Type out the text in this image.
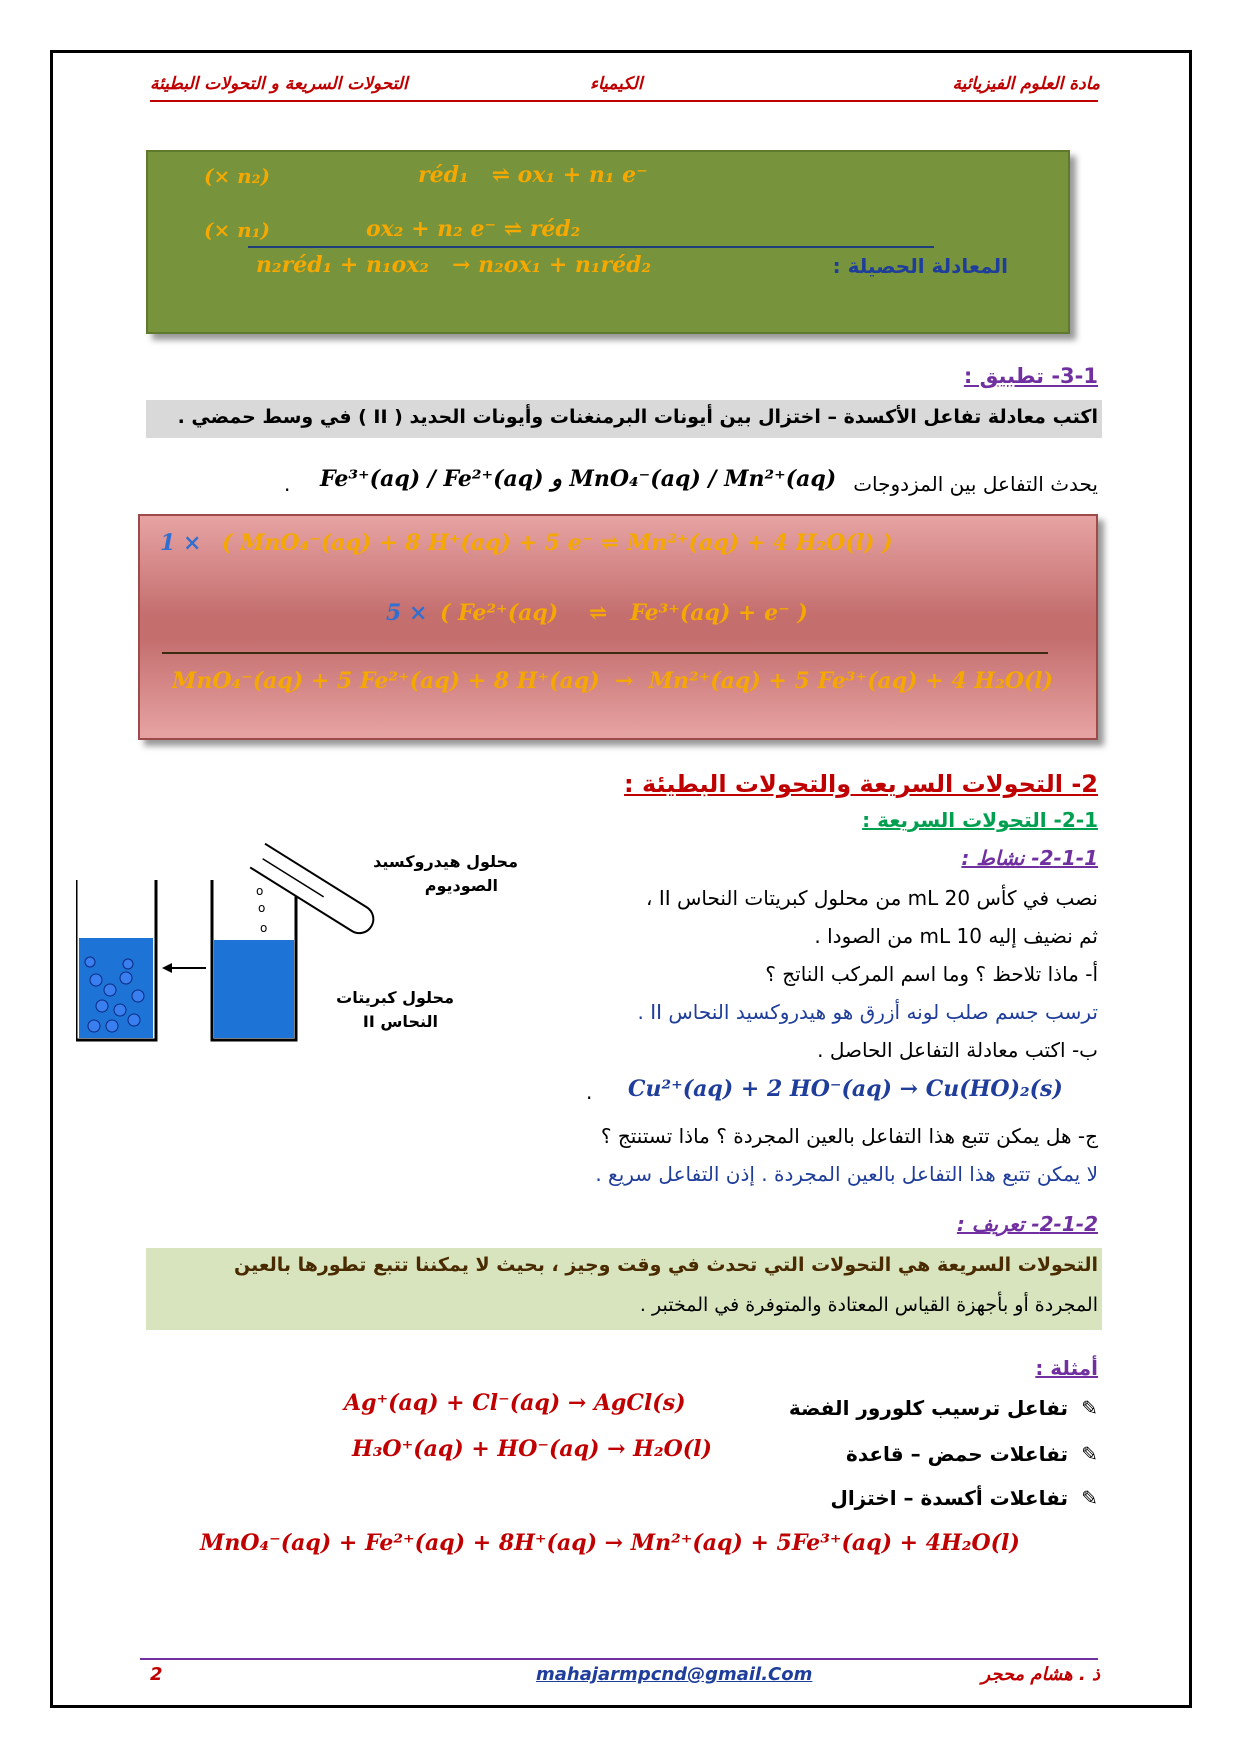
مادة العلوم الفيزيائية
الكيمياء
التحولات السريعة و التحولات البطيئة
(× n₂)	réd₁   ⇌ ox₁ + n₁ e⁻
(× n₁)	ox₂ + n₂ e⁻ ⇌ réd₂
n₂réd₁ + n₁ox₂   → n₂ox₁ + n₁réd₂	المعادلة الحصيلة :
3-1- تطبيق :
اكتب معادلة تفاعل الأكسدة – اختزال بين أيونات البرمنغنات وأيونات الحديد ( II ) في وسط حمضي .
يحدث التفاعل بين المزدوجات
Fe³⁺(aq) / Fe²⁺(aq) و MnO₄⁻(aq) / Mn²⁺(aq)
.
1 × ( MnO₄⁻(aq) + 8 H⁺(aq) + 5 e⁻ ⇌ Mn²⁺(aq) + 4 H₂O(l) )
5 × ( Fe²⁺(aq)    ⇌   Fe³⁺(aq) + e⁻ )
MnO₄⁻(aq) + 5 Fe²⁺(aq) + 8 H⁺(aq)  →  Mn²⁺(aq) + 5 Fe³⁺(aq) + 4 H₂O(l)
2- التحولات السريعة والتحولات البطيئة :
2-1- التحولات السريعة :
2-1-1- نشاط :
نصب في كأس 20 mL من محلول كبريتات النحاس II ،
ثم نضيف إليه 10 mL من الصودا .
أ- ماذا تلاحظ ؟ وما اسم المركب الناتج ؟
ترسب جسم صلب لونه أزرق هو هيدروكسيد النحاس II .
ب- اكتب معادلة التفاعل الحاصل .
Cu²⁺(aq) + 2 HO⁻(aq) → Cu(HO)₂(s)
.
ج- هل يمكن تتبع هذا التفاعل بالعين المجردة ؟ ماذا تستنتج ؟
لا يمكن تتبع هذا التفاعل بالعين المجردة . إذن التفاعل سريع .
o
o
o
محلول هيدروكسيد
الصوديوم
محلول كبريتات
النحاس II
2-1-2- تعريف :
التحولات السريعة هي التحولات التي تحدث في وقت وجيز ، بحيث لا يمكننا تتبع تطورها بالعين
المجردة أو بأجهزة القياس المعتادة والمتوفرة في المختبر .
أمثلة :
✎
تفاعل ترسيب كلورور الفضة
Ag⁺(aq) + Cl⁻(aq) → AgCl(s)
✎
تفاعلات حمض – قاعدة
H₃O⁺(aq) + HO⁻(aq) → H₂O(l)
✎
تفاعلات أكسدة – اختزال
MnO₄⁻(aq) + Fe²⁺(aq) + 8H⁺(aq) → Mn²⁺(aq) + 5Fe³⁺(aq) + 4H₂O(l)
2	mahajarmpcnd@gmail.Com	ذ . هشام محجر
